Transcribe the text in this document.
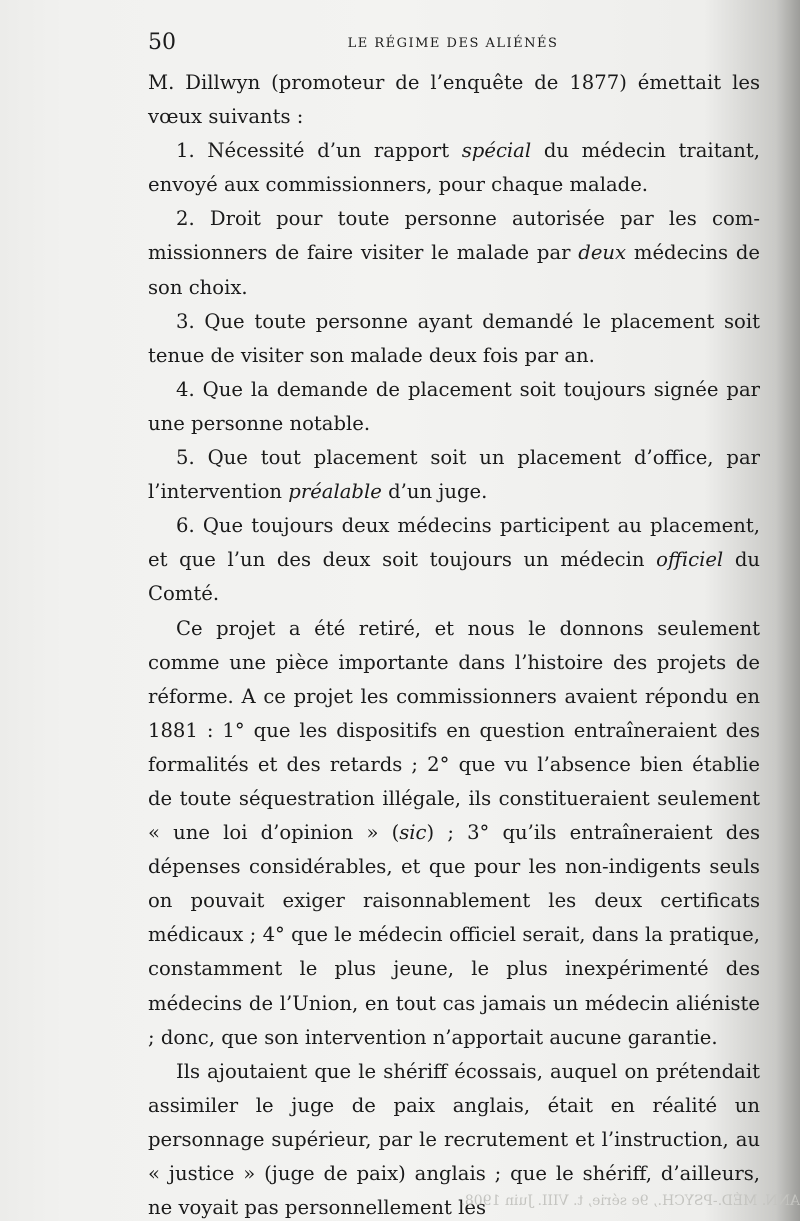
50	LE RÉGIME DES ALIÉNÉS

M. Dillwyn (promoteur de l’enquête de 1877) émettait les vœux suivants :

1. Nécessité d’un rapport spécial du médecin traitant, envoyé aux commissionners, pour chaque malade.

2. Droit pour toute personne autorisée par les commissionners de faire visiter le malade par deux médecins de son choix.

3. Que toute personne ayant demandé le placement soit tenue de visiter son malade deux fois par an.

4. Que la demande de placement soit toujours signée par une personne notable.

5. Que tout placement soit un placement d’office, par l’intervention préalable d’un juge.

6. Que toujours deux médecins participent au placement, et que l’un des deux soit toujours un médecin officiel du Comté.

Ce projet a été retiré, et nous le donnons seulement comme une pièce importante dans l’histoire des projets de réforme. A ce projet les commissionners avaient répondu en 1881 : 1° que les dispositifs en question entraîneraient des formalités et des retards ; 2° que vu l’absence bien établie de toute séquestration illégale, ils constitueraient seulement « une loi d’opinion » (sic) ; 3° qu’ils entraîneraient des dépenses considérables, et que pour les non-indigents seuls on pouvait exiger raisonnablement les deux certificats médicaux ; 4° que le médecin officiel serait, dans la pratique, constamment le plus jeune, le plus inexpérimenté des médecins de l’Union, en tout cas jamais un médecin aliéniste ; donc, que son intervention n’apportait aucune garantie.

Ils ajoutaient que le shériff écossais, auquel on prétendait assimiler le juge de paix anglais, était en réalité un personnage supérieur, par le recrutement et l’instruction, au « justice » (juge de paix) anglais ; que le shériff, d’ailleurs, ne voyait pas personnellement les

ANN. MÉD.-PSYCH., 9e série, t. VIII. Juin 1908.
